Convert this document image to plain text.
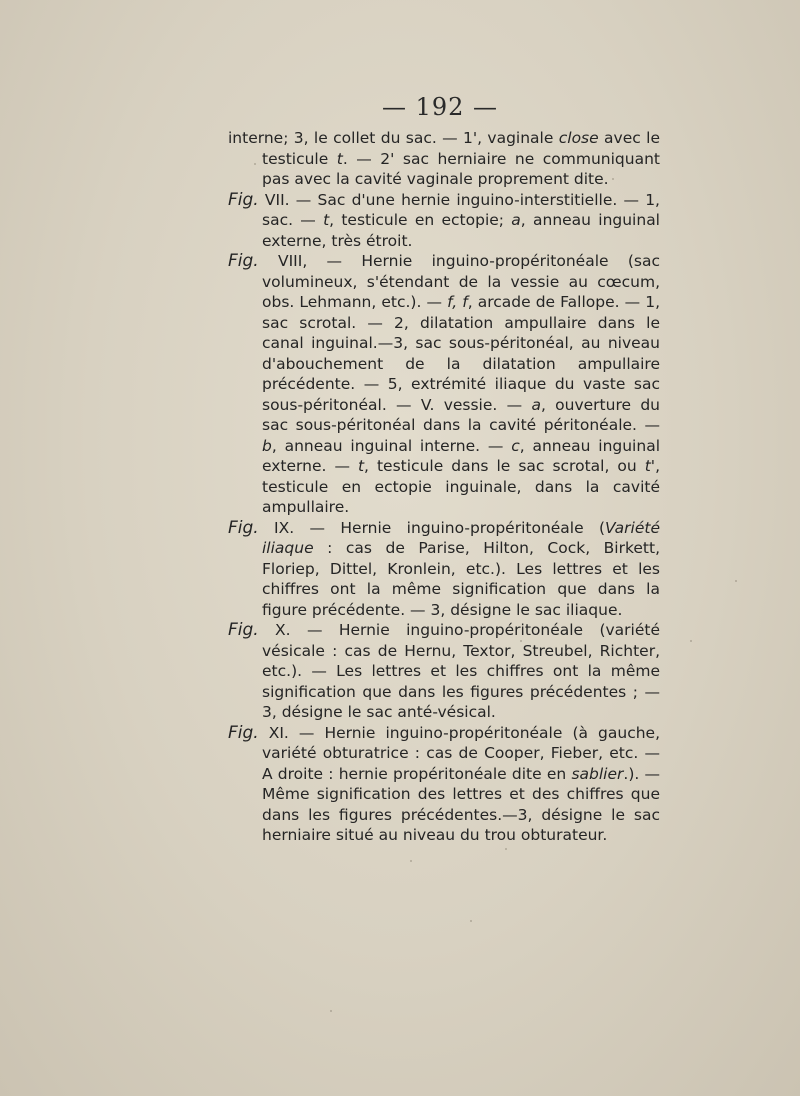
— 192 —

interne; 3, le collet du sac. — 1', vaginale close avec le testicule t. — 2' sac herniaire ne communiquant pas avec la cavité vaginale proprement dite.

Fig. VII. — Sac d'une hernie inguino-interstitielle. — 1, sac. — t, testicule en ectopie; a, anneau inguinal externe, très étroit.

Fig. VIII, — Hernie inguino-propéritonéale (sac volumineux, s'étendant de la vessie au cœcum, obs. Lehmann, etc.). — f, f, arcade de Fallope. — 1, sac scrotal. — 2, dilatation ampullaire dans le canal inguinal.—3, sac sous-péritonéal, au niveau d'abouchement de la dilatation ampullaire précédente. — 5, extrémité iliaque du vaste sac sous-péritonéal. — V. vessie. — a, ouverture du sac sous-péritonéal dans la cavité péritonéale. — b, anneau inguinal interne. — c, anneau inguinal externe. — t, testicule dans le sac scrotal, ou t', testicule en ectopie inguinale, dans la cavité ampullaire.

Fig. IX. — Hernie inguino-propéritonéale (Variété iliaque : cas de Parise, Hilton, Cock, Birkett, Floriep, Dittel, Kronlein, etc.). Les lettres et les chiffres ont la même signification que dans la figure précédente. — 3, désigne le sac iliaque.

Fig. X. — Hernie inguino-propéritonéale (variété vésicale : cas de Hernu, Textor, Streubel, Richter, etc.). — Les lettres et les chiffres ont la même signification que dans les figures précédentes ; — 3, désigne le sac anté-vésical.

Fig. XI. — Hernie inguino-propéritonéale (à gauche, variété obturatrice : cas de Cooper, Fieber, etc. — A droite : hernie propéritonéale dite en sablier.). — Même signification des lettres et des chiffres que dans les figures précédentes.—3, désigne le sac herniaire situé au niveau du trou obturateur.
